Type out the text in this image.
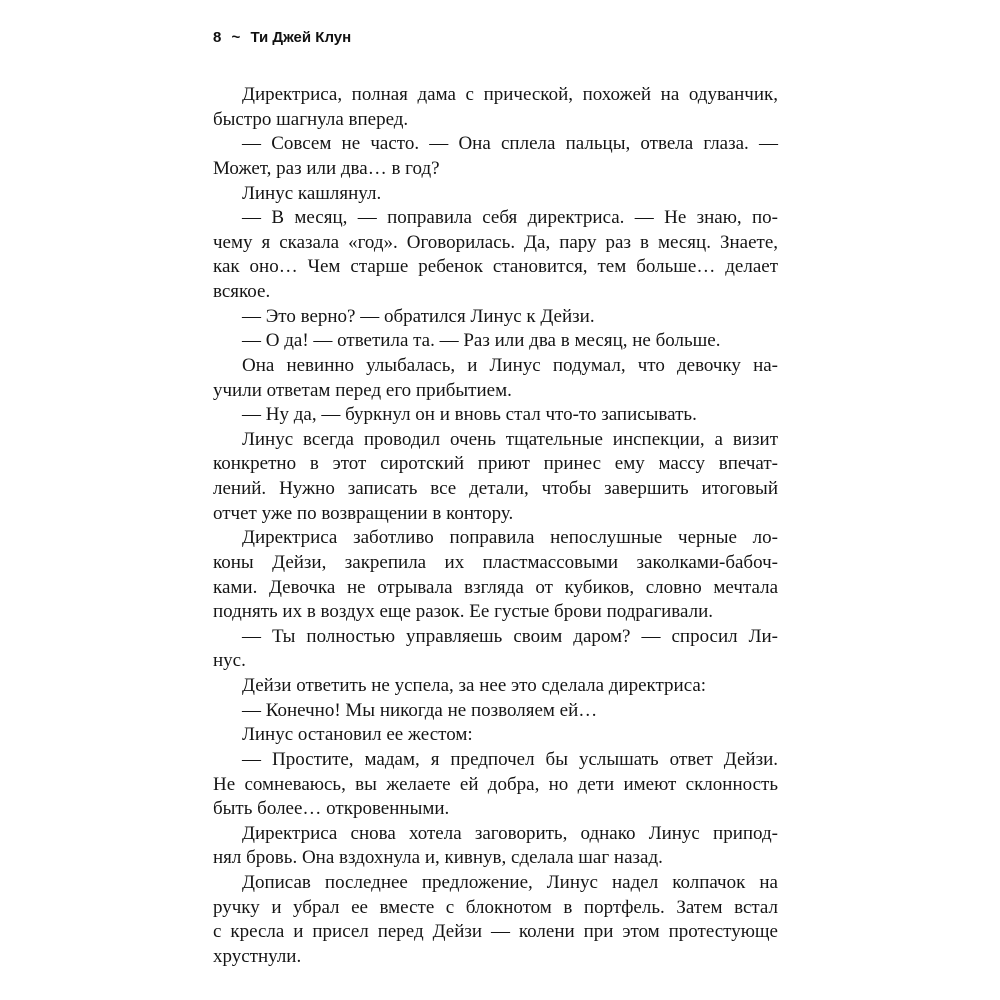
8 ~ Ти Джей Клун
Директриса, полная дама с прической, похожей на одуванчик,
быстро шагнула вперед.
— Совсем не часто. — Она сплела пальцы, отвела глаза. —
Может, раз или два… в год?
Линус кашлянул.
— В месяц, — поправила себя директриса. — Не знаю, по-
чему я сказала «год». Оговорилась. Да, пару раз в месяц. Знаете,
как оно… Чем старше ребенок становится, тем больше… делает
всякое.
— Это верно? — обратился Линус к Дейзи.
— О да! — ответила та. — Раз или два в месяц, не больше.
Она невинно улыбалась, и Линус подумал, что девочку на-
учили ответам перед его прибытием.
— Ну да, — буркнул он и вновь стал что-то записывать.
Линус всегда проводил очень тщательные инспекции, а визит
конкретно в этот сиротский приют принес ему массу впечат-
лений. Нужно записать все детали, чтобы завершить итоговый
отчет уже по возвращении в контору.
Директриса заботливо поправила непослушные черные ло-
коны Дейзи, закрепила их пластмассовыми заколками-бабоч-
ками. Девочка не отрывала взгляда от кубиков, словно мечтала
поднять их в воздух еще разок. Ее густые брови подрагивали.
— Ты полностью управляешь своим даром? — спросил Ли-
нус.
Дейзи ответить не успела, за нее это сделала директриса:
— Конечно! Мы никогда не позволяем ей…
Линус остановил ее жестом:
— Простите, мадам, я предпочел бы услышать ответ Дейзи.
Не сомневаюсь, вы желаете ей добра, но дети имеют склонность
быть более… откровенными.
Директриса снова хотела заговорить, однако Линус припод-
нял бровь. Она вздохнула и, кивнув, сделала шаг назад.
Дописав последнее предложение, Линус надел колпачок на
ручку и убрал ее вместе с блокнотом в портфель. Затем встал
с кресла и присел перед Дейзи — колени при этом протестующе
хрустнули.
